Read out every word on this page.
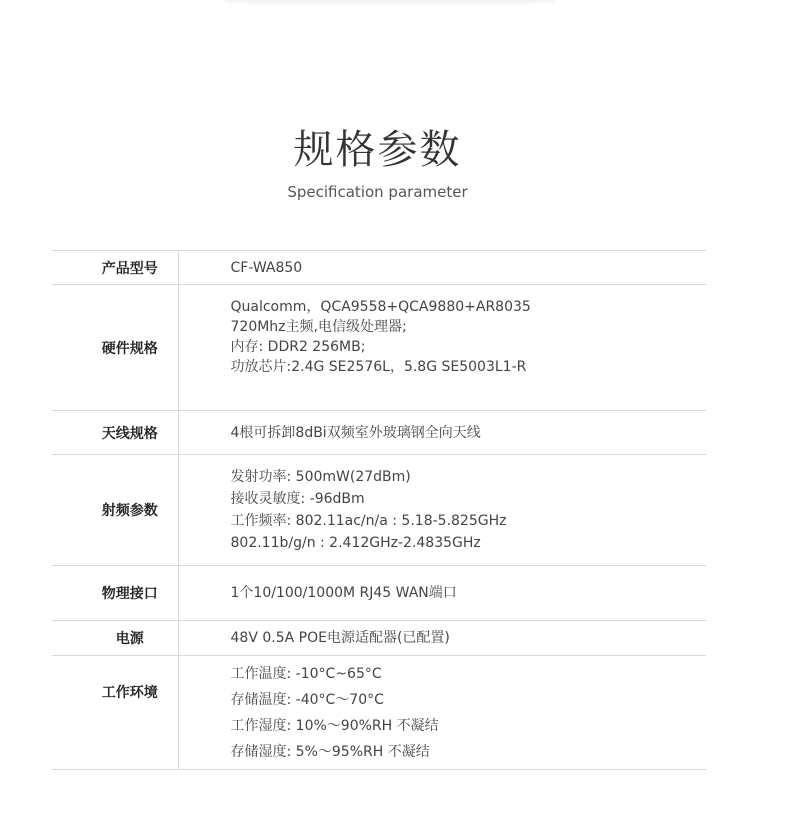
规格参数
Specification parameter
产品型号	CF-WA850

硬件规格	Qualcomm，QCA9558+QCA9880+AR8035
720Mhz主频,电信级处理器;
内存: DDR2 256MB;
功放芯片:2.4G SE2576L，5.8G SE5003L1-R

天线规格	4根可拆卸8dBi双频室外玻璃钢全向天线

射频参数	发射功率: 500mW(27dBm)
接收灵敏度: -96dBm
工作频率: 802.11ac/n/a : 5.18-5.825GHz
802.11b/g/n : 2.412GHz-2.4835GHz

物理接口	1个10/100/1000M RJ45 WAN端口

电源	48V 0.5A POE电源适配器(已配置)

工作环境	工作温度: -10°C~65°C
存储温度: -40°C～70°C
工作湿度: 10%～90%RH 不凝结
存储湿度: 5%～95%RH 不凝结
